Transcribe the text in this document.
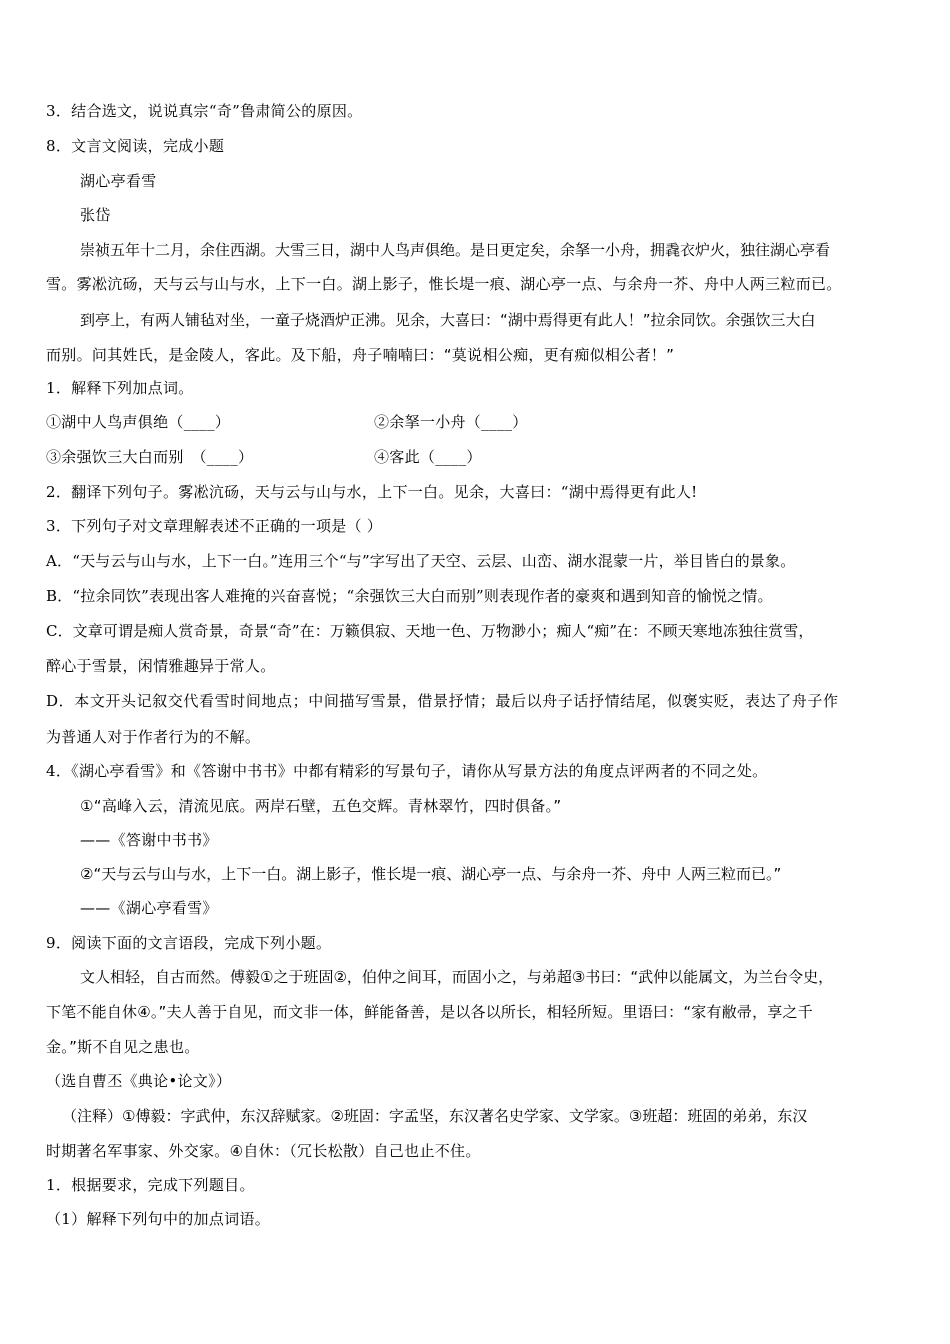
3．结合选文，说说真宗“奇”鲁肃简公的原因。
8．文言文阅读，完成小题
湖心亭看雪
张岱
崇祯五年十二月，余住西湖。大雪三日，湖中人鸟声俱绝。是日更定矣，余拏一小舟，拥毳衣炉火，独往湖心亭看
雪。雾凇沆砀，天与云与山与水，上下一白。湖上影子，惟长堤一痕、湖心亭一点、与余舟一芥、舟中人两三粒而已。
到亭上，有两人铺毡对坐，一童子烧酒炉正沸。见余，大喜曰：“湖中焉得更有此人！”拉余同饮。余强饮三大白
而别。问其姓氏，是金陵人，客此。及下船，舟子喃喃曰：“莫说相公痴，更有痴似相公者！”
1．解释下列加点词。
①湖中人鸟声俱绝（____）	②余拏一小舟（____）
③余强饮三大白而别　（____）	④客此（____）
2．翻译下列句子。雾凇沆砀，天与云与山与水，上下一白。见余，大喜曰：“湖中焉得更有此人!
3．下列句子对文章理解表述不正确的一项是（ ）
A．“天与云与山与水，上下一白。”连用三个“与”字写出了天空、云层、山峦、湖水混蒙一片，举目皆白的景象。
B．“拉余同饮”表现出客人难掩的兴奋喜悦；“余强饮三大白而别”则表现作者的豪爽和遇到知音的愉悦之情。
C．文章可谓是痴人赏奇景，奇景“奇”在：万籁俱寂、天地一色、万物渺小；痴人“痴”在：不顾天寒地冻独往赏雪，
醉心于雪景，闲情雅趣异于常人。
D．本文开头记叙交代看雪时间地点；中间描写雪景，借景抒情；最后以舟子话抒情结尾，似褒实贬，表达了舟子作
为普通人对于作者行为的不解。
4．《湖心亭看雪》和《答谢中书书》中都有精彩的写景句子，请你从写景方法的角度点评两者的不同之处。
①“高峰入云，清流见底。两岸石壁，五色交辉。青林翠竹，四时俱备。”
——《答谢中书书》
②“天与云与山与水，上下一白。湖上影子，惟长堤一痕、湖心亭一点、与余舟一芥、舟中 人两三粒而已。”
——《湖心亭看雪》
9．阅读下面的文言语段，完成下列小题。
文人相轻，自古而然。傅毅①之于班固②，伯仲之间耳，而固小之，与弟超③书曰：“武仲以能属文，为兰台令史，
下笔不能自休④。”夫人善于自见，而文非一体，鲜能备善，是以各以所长，相轻所短。里语曰：“家有敝帚，享之千
金。”斯不自见之患也。
（选自曹丕《典论•论文》）
（注释）①傅毅：字武仲，东汉辞赋家。②班固：字孟坚，东汉著名史学家、文学家。③班超：班固的弟弟，东汉
时期著名军事家、外交家。④自休：（冗长松散）自己也止不住。
1．根据要求，完成下列题目。
（1）解释下列句中的加点词语。
